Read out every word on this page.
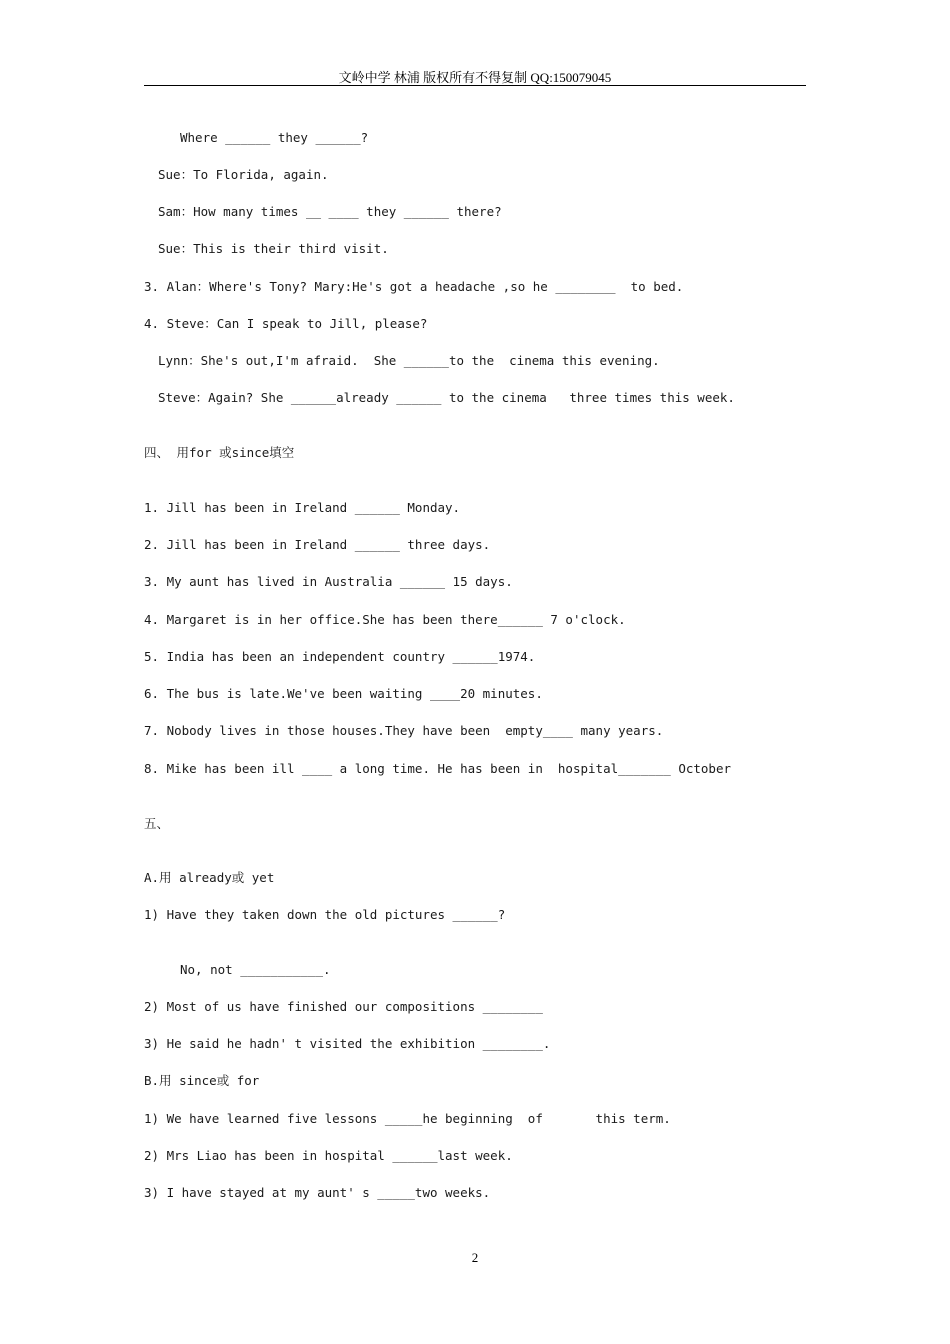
文岭中学 林浦 版权所有不得复制 QQ:150079045
Where ______ they ______?
Sue：To Florida, again.
Sam：How many times __ ____ they ______ there?
Sue：This is their third visit.
3. Alan：Where's Tony? Mary:He's got a headache ,so he ________  to bed.
4. Steve：Can I speak to Jill, please?
Lynn：She's out,I'm afraid.  She ______to the  cinema this evening.
Steve：Again? She ______already ______ to the cinema   three times this week.
四、 用for 或since填空
1. Jill has been in Ireland ______ Monday.
2. Jill has been in Ireland ______ three days.
3. My aunt has lived in Australia ______ 15 days.
4. Margaret is in her office.She has been there______ 7 o'clock.
5. India has been an independent country ______1974.
6. The bus is late.We've been waiting ____20 minutes.
7. Nobody lives in those houses.They have been  empty____ many years.
8. Mike has been ill ____ a long time. He has been in  hospital_______ October
五、
A.用 already或 yet
1) Have they taken down the old pictures ______?
No, not ___________.
2) Most of us have finished our compositions ________
3) He said he hadn' t visited the exhibition ________.
B.用 since或 for
1) We have learned five lessons _____he beginning  of       this term.
2) Mrs Liao has been in hospital ______last week.
3) I have stayed at my aunt' s _____two weeks.
2
